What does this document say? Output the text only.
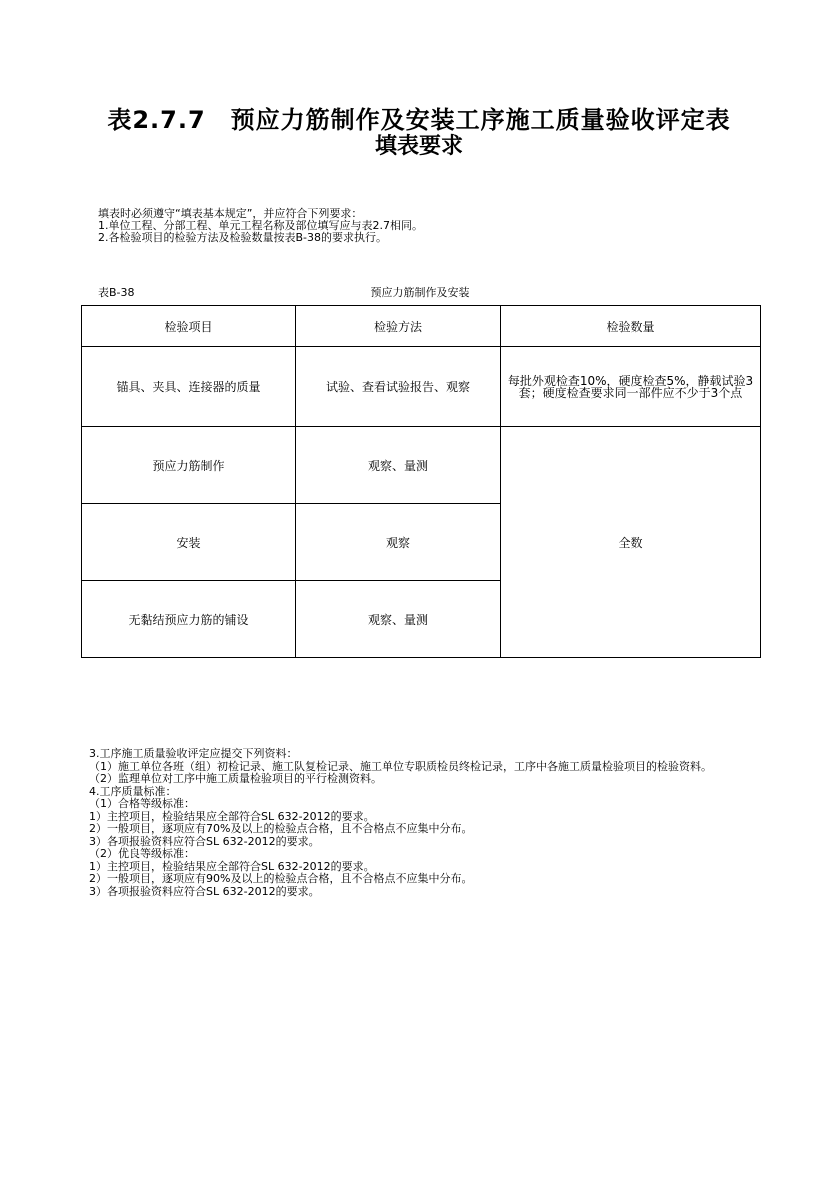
表2.7.7　预应力筋制作及安装工序施工质量验收评定表
填表要求
填表时必须遵守“填表基本规定”，并应符合下列要求：
1.单位工程、分部工程、单元工程名称及部位填写应与表2.7相同。
2.各检验项目的检验方法及检验数量按表B-38的要求执行。
表B-38	预应力筋制作及安装
检验项目	检验方法	检验数量
锚具、夹具、连接器的质量	试验、查看试验报告、观察	每批外观检查10%，硬度检查5%，静载试验3套；硬度检查要求同一部件应不少于3个点
预应力筋制作	观察、量测	全数
安装	观察	
无黏结预应力筋的铺设	观察、量测	
3.工序施工质量验收评定应提交下列资料：
（1）施工单位各班（组）初检记录、施工队复检记录、施工单位专职质检员终检记录，工序中各施工质量检验项目的检验资料。
（2）监理单位对工序中施工质量检验项目的平行检测资料。
4.工序质量标准：
（1）合格等级标准：
1）主控项目，检验结果应全部符合SL 632-2012的要求。
2）一般项目，逐项应有70%及以上的检验点合格，且不合格点不应集中分布。
3）各项报验资料应符合SL 632-2012的要求。
（2）优良等级标准：
1）主控项目，检验结果应全部符合SL 632-2012的要求。
2）一般项目，逐项应有90%及以上的检验点合格，且不合格点不应集中分布。
3）各项报验资料应符合SL 632-2012的要求。
